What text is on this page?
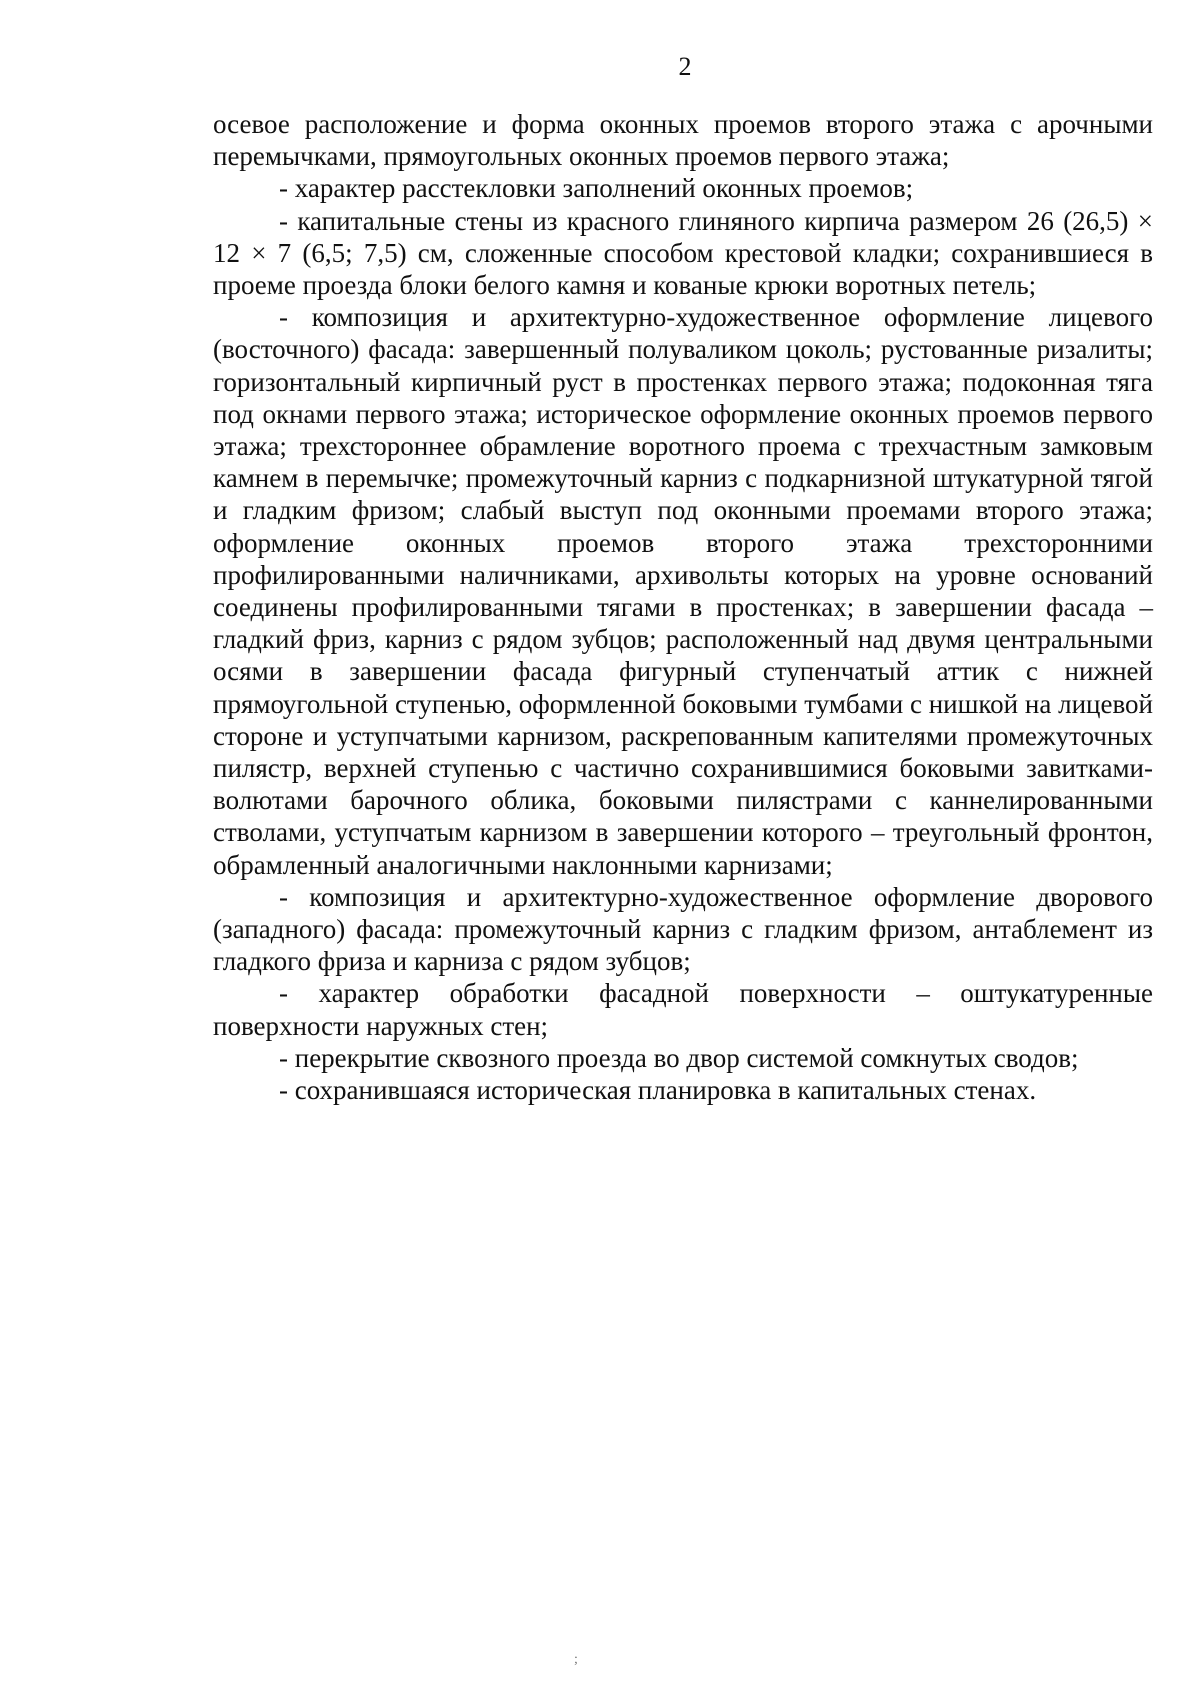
2

осевое расположение и форма оконных проемов второго этажа с арочными перемычками, прямоугольных оконных проемов первого этажа;

- характер расстекловки заполнений оконных проемов;

- капитальные стены из красного глиняного кирпича размером 26 (26,5) × 12 × 7 (6,5; 7,5) см, сложенные способом крестовой кладки; сохранившиеся в проеме проезда блоки белого камня и кованые крюки воротных петель;

- композиция и архитектурно-художественное оформление лицевого (восточного) фасада: завершенный полуваликом цоколь; рустованные ризалиты; горизонтальный кирпичный руст в простенках первого этажа; подоконная тяга под окнами первого этажа; историческое оформление оконных проемов первого этажа; трехстороннее обрамление воротного проема с трехчастным замковым камнем в перемычке; промежуточный карниз с подкарнизной штукатурной тягой и гладким фризом; слабый выступ под оконными проемами второго этажа; оформление оконных проемов второго этажа трехсторонними профилированными наличниками, архивольты которых на уровне оснований соединены профилированными тягами в простенках; в завершении фасада – гладкий фриз, карниз с рядом зубцов; расположенный над двумя центральными осями в завершении фасада фигурный ступенчатый аттик с нижней прямоугольной ступенью, оформленной боковыми тумбами с нишкой на лицевой стороне и уступчатыми карнизом, раскрепованным капителями промежуточных пилястр, верхней ступенью с частично сохранившимися боковыми завитками-волютами барочного облика, боковыми пилястрами с каннелированными стволами, уступчатым карнизом в завершении которого – треугольный фронтон, обрамленный аналогичными наклонными карнизами;

- композиция и архитектурно-художественное оформление дворового (западного) фасада: промежуточный карниз с гладким фризом, антаблемент из гладкого фриза и карниза с рядом зубцов;

- характер обработки фасадной поверхности – оштукатуренные поверхности наружных стен;

- перекрытие сквозного проезда во двор системой сомкнутых сводов;

- сохранившаяся историческая планировка в капитальных стенах.

;
